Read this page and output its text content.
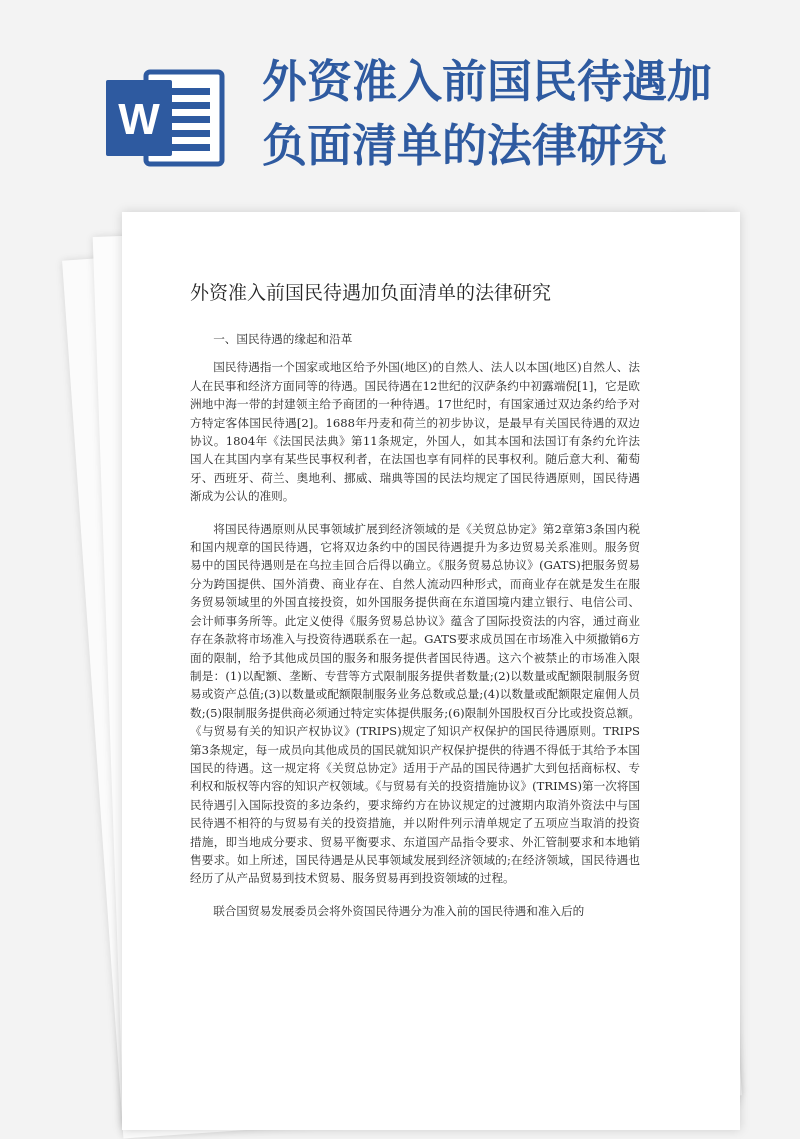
W
外资准入前国民待遇加
负面清单的法律研究
外资准入前国民待遇加负面清单的法律研究

一、国民待遇的缘起和沿革

国民待遇指一个国家或地区给予外国(地区)的自然人、法人以本国(地区)自然人、法人在民事和经济方面同等的待遇。国民待遇在12世纪的汉萨条约中初露端倪[1]，它是欧洲地中海一带的封建领主给予商团的一种待遇。17世纪时，有国家通过双边条约给予对方特定客体国民待遇[2]。1688年丹麦和荷兰的初步协议，是最早有关国民待遇的双边协议。1804年《法国民法典》第11条规定，外国人，如其本国和法国订有条约允许法国人在其国内享有某些民事权利者，在法国也享有同样的民事权利。随后意大利、葡萄牙、西班牙、荷兰、奥地利、挪威、瑞典等国的民法均规定了国民待遇原则，国民待遇渐成为公认的准则。

将国民待遇原则从民事领域扩展到经济领域的是《关贸总协定》第2章第3条国内税和国内规章的国民待遇，它将双边条约中的国民待遇提升为多边贸易关系准则。服务贸易中的国民待遇则是在乌拉圭回合后得以确立。《服务贸易总协议》(GATS)把服务贸易分为跨国提供、国外消费、商业存在、自然人流动四种形式，而商业存在就是发生在服务贸易领域里的外国直接投资，如外国服务提供商在东道国境内建立银行、电信公司、会计师事务所等。此定义使得《服务贸易总协议》蕴含了国际投资法的内容，通过商业存在条款将市场准入与投资待遇联系在一起。GATS要求成员国在市场准入中须撤销6方面的限制，给予其他成员国的服务和服务提供者国民待遇。这六个被禁止的市场准入限制是：(1)以配额、垄断、专营等方式限制服务提供者数量;(2)以数量或配额限制服务贸易或资产总值;(3)以数量或配额限制服务业务总数或总量;(4)以数量或配额限定雇佣人员数;(5)限制服务提供商必须通过特定实体提供服务;(6)限制外国股权百分比或投资总额。《与贸易有关的知识产权协议》(TRIPS)规定了知识产权保护的国民待遇原则。TRIPS第3条规定，每一成员向其他成员的国民就知识产权保护提供的待遇不得低于其给予本国国民的待遇。这一规定将《关贸总协定》适用于产品的国民待遇扩大到包括商标权、专利权和版权等内容的知识产权领域。《与贸易有关的投资措施协议》(TRIMS)第一次将国民待遇引入国际投资的多边条约，要求缔约方在协议规定的过渡期内取消外资法中与国民待遇不相符的与贸易有关的投资措施，并以附件列示清单规定了五项应当取消的投资措施，即当地成分要求、贸易平衡要求、东道国产品指令要求、外汇管制要求和本地销售要求。如上所述，国民待遇是从民事领域发展到经济领域的;在经济领域，国民待遇也经历了从产品贸易到技术贸易、服务贸易再到投资领域的过程。

联合国贸易发展委员会将外资国民待遇分为准入前的国民待遇和准入后的
